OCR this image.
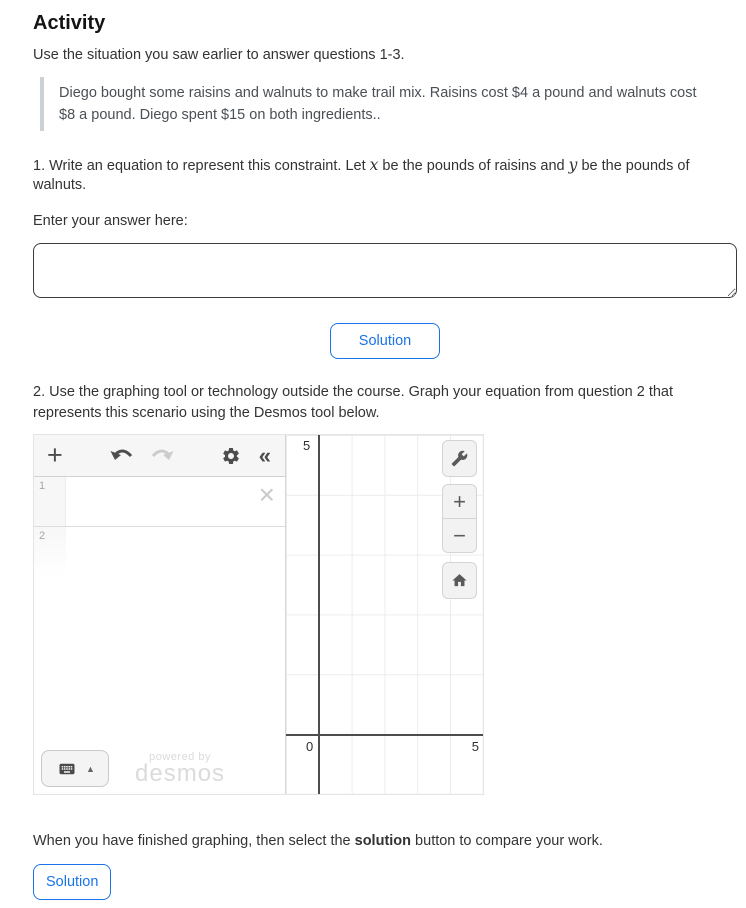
Activity

Use the situation you saw earlier to answer questions 1-3.

Diego bought some raisins and walnuts to make trail mix. Raisins cost $4 a pound and walnuts cost $8 a pound. Diego spent $15 on both ingredients..
1. Write an equation to represent this constraint. Let x be the pounds of raisins and y be the pounds of walnuts.
Enter your answer here:
Solution
2. Use the graphing tool or technology outside the course. Graph your equation from question 2 that represents this scenario using the Desmos tool below.
+	«
1	×
2
▲
powered by
desmos
5
0	5
+
−
When you have finished graphing, then select the solution button to compare your work.
Solution
